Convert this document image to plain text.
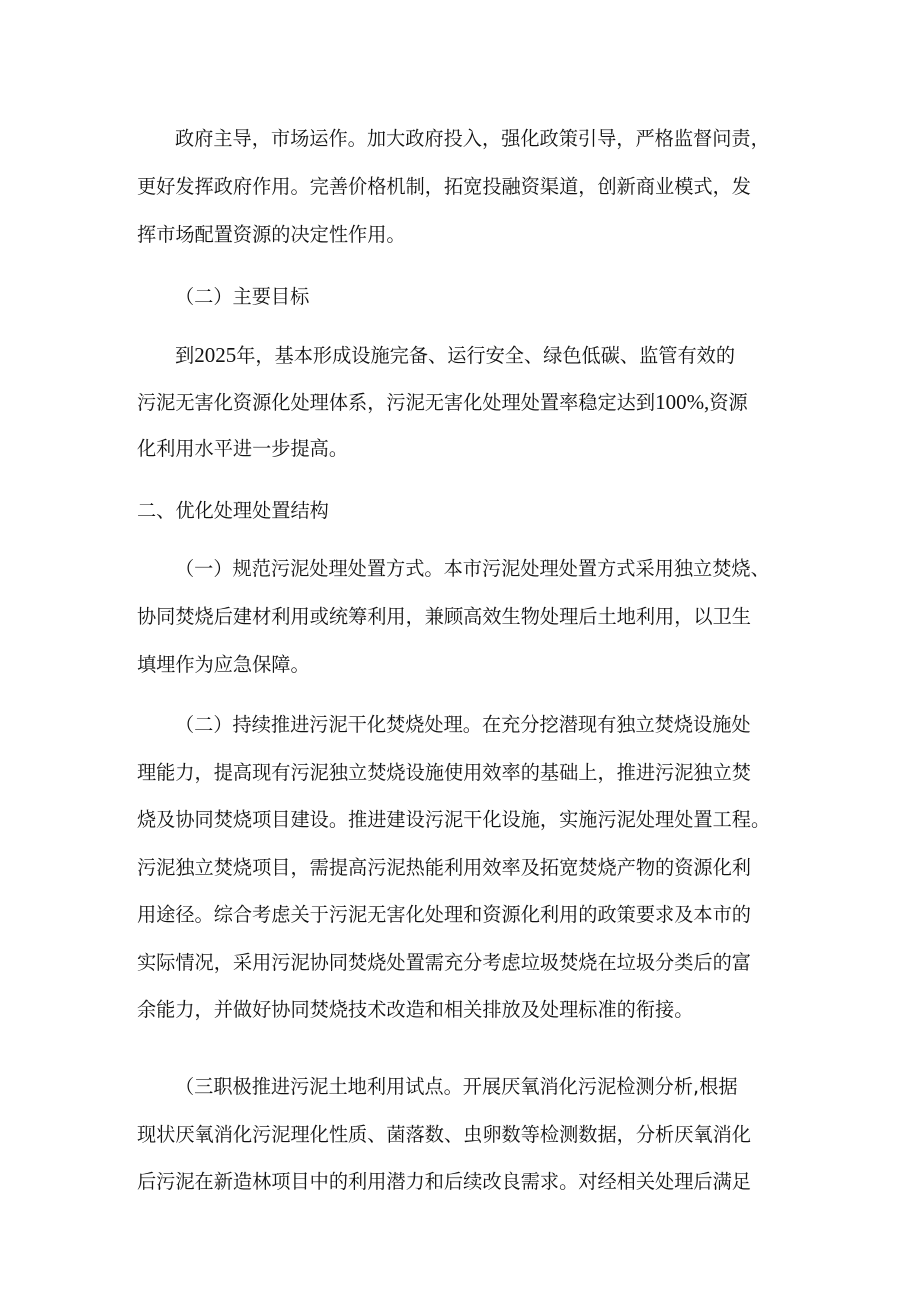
政府主导，市场运作。加大政府投入，强化政策引导，严格监督问责，
更好发挥政府作用。完善价格机制，拓宽投融资渠道，创新商业模式，发
挥市场配置资源的决定性作用。
（二）主要目标
到2025年，基本形成设施完备、运行安全、绿色低碳、监管有效的
污泥无害化资源化处理体系，污泥无害化处理处置率稳定达到100%,资源
化利用水平进一步提高。
二、优化处理处置结构
（一）规范污泥处理处置方式。本市污泥处理处置方式采用独立焚烧、
协同焚烧后建材利用或统筹利用，兼顾高效生物处理后土地利用，以卫生
填埋作为应急保障。
（二）持续推进污泥干化焚烧处理。在充分挖潜现有独立焚烧设施处
理能力，提高现有污泥独立焚烧设施使用效率的基础上，推进污泥独立焚
烧及协同焚烧项目建设。推进建设污泥干化设施，实施污泥处理处置工程。
污泥独立焚烧项目，需提高污泥热能利用效率及拓宽焚烧产物的资源化利
用途径。综合考虑关于污泥无害化处理和资源化利用的政策要求及本市的
实际情况，采用污泥协同焚烧处置需充分考虑垃圾焚烧在垃圾分类后的富
余能力，并做好协同焚烧技术改造和相关排放及处理标准的衔接。
（三职极推进污泥土地利用试点。开展厌氧消化污泥检测分析,根据
现状厌氧消化污泥理化性质、菌落数、虫卵数等检测数据，分析厌氧消化
后污泥在新造林项目中的利用潜力和后续改良需求。对经相关处理后满足
